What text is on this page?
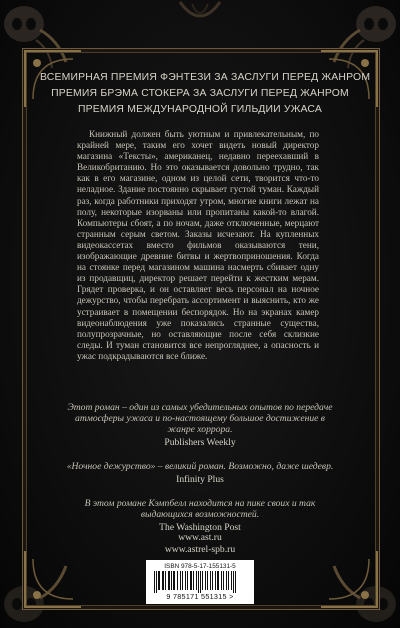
ВСЕМИРНАЯ ПРЕМИЯ ФЭНТЕЗИ ЗА ЗАСЛУГИ ПЕРЕД ЖАНРОМ
ПРЕМИЯ БРЭМА СТОКЕРА ЗА ЗАСЛУГИ ПЕРЕД ЖАНРОМ
ПРЕМИЯ МЕЖДУНАРОДНОЙ ГИЛЬДИИ УЖАСА

Книжный должен быть уютным и привлекательным, по крайней мере, таким его хочет видеть новый директор магазина «Тексты», американец, недавно переехавший в Великобританию. Но это оказывается довольно трудно, так как в его магазине, одном из целой сети, творится что-то неладное. Здание постоянно скрывает густой туман. Каждый раз, когда работники приходят утром, многие книги лежат на полу, некоторые изорваны или пропитаны какой-то влагой. Компьютеры сбоят, а по ночам, даже отключенные, мерцают странным серым светом. Заказы исчезают. На купленных видеокассетах вместо фильмов оказываются тени, изображающие древние битвы и жертвоприношения. Когда на стоянке перед магазином машина насмерть сбивает одну из продавщиц, директор решает перейти к жестким мерам. Грядет проверка, и он оставляет весь персонал на ночное дежурство, чтобы перебрать ассортимент и выяснить, кто же устраивает в помещении беспорядок. Но на экранах камер видеонаблюдения уже показались странные существа, полупрозрачные, но оставляющие после себя склизкие следы. И туман становится все непрогляднее, а опасность и ужас подкрадываются все ближе.

Этот роман – один из самых убедительных опытов по передаче атмосферы ужаса и по-настоящему большое достижение в жанре хоррора.

Publishers Weekly

«Ночное дежурство» – великий роман. Возможно, даже шедевр.

Infinity Plus

В этом романе Кэмпбелл находится на пике своих и так выдающихся возможностей.

The Washington Post

www.ast.ru
www.astrel-spb.ru
ISBN 978-5-17-155131-5
9 785171 551315 >
